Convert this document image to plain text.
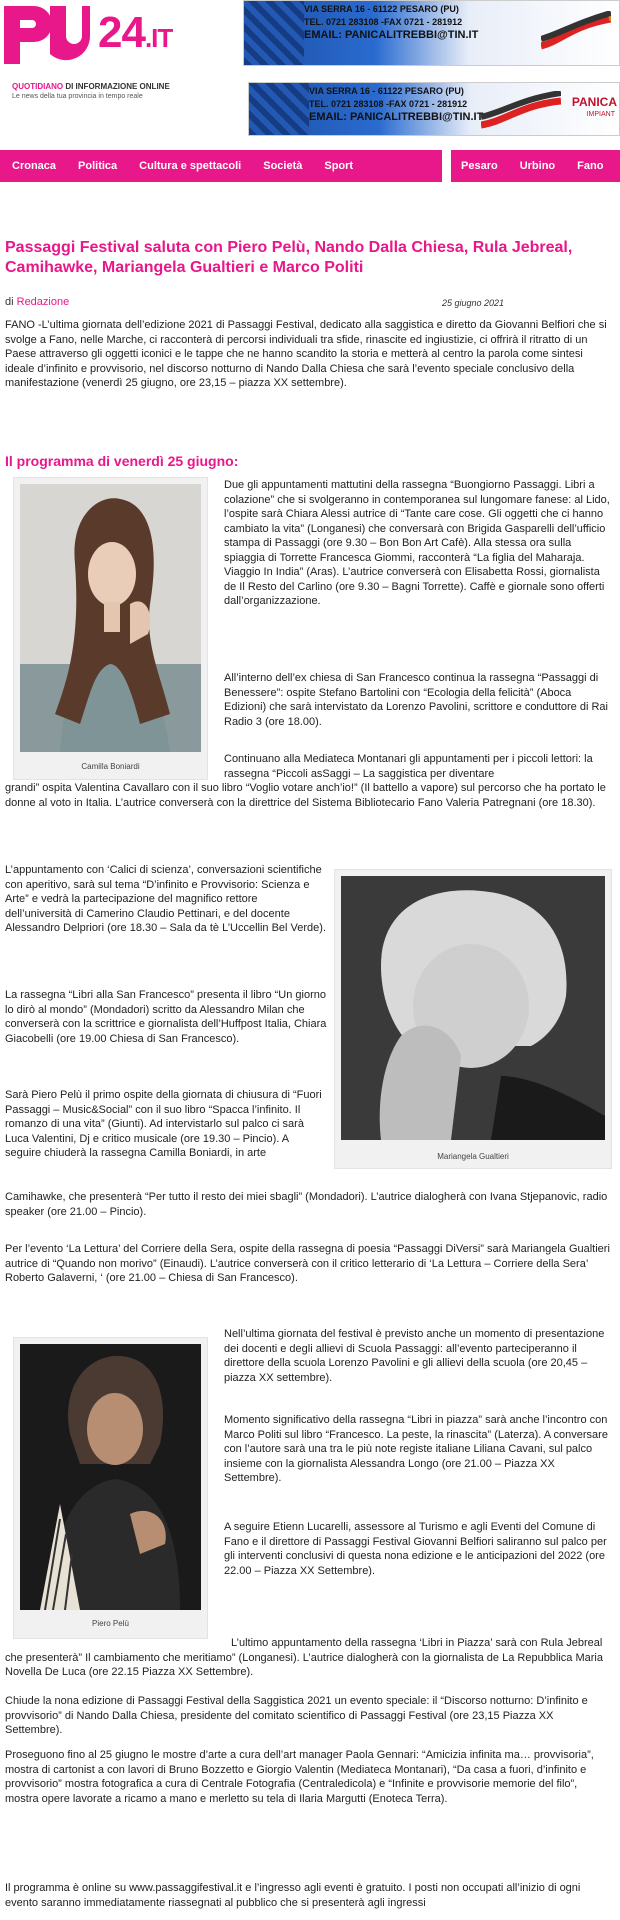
24.IT
QUOTIDIANO DI INFORMAZIONE ONLINE
Le news della tua provincia in tempo reale
VIA SERRA 16 - 61122 PESARO (PU)
TEL. 0721 283108 -FAX 0721 - 281912
EMAIL: PANICALITREBBI@TIN.IT
VIA SERRA 16 - 61122 PESARO (PU)
TEL. 0721 283108 -FAX 0721 - 281912
EMAIL: PANICALITREBBI@TIN.IT
PANICA
IMPIANT
Cronaca Politica Cultura e spettacoli Società Sport	Pesaro Urbino Fano
Passaggi Festival saluta con Piero Pelù, Nando Dalla Chiesa, Rula Jebreal, Camihawke, Mariangela Gualtieri e Marco Politi
di Redazione	25 giugno 2021

FANO -L’ultima giornata dell’edizione 2021 di Passaggi Festival, dedicato alla saggistica e diretto da Giovanni Belfiori che si svolge a Fano, nelle Marche, ci racconterà di percorsi individuali tra sfide, rinascite ed ingiustizie, ci offrirà il ritratto di un Paese attraverso gli oggetti iconici e le tappe che ne hanno scandito la storia e metterà al centro la parola come sintesi ideale d’infinito e provvisorio, nel discorso notturno di Nando Dalla Chiesa che sarà l’evento speciale conclusivo della manifestazione (venerdì 25 giugno, ore 23,15 – piazza XX settembre).

Il programma di venerdì 25 giugno:
Camilla Boniardi

Due gli appuntamenti mattutini della rassegna “Buongiorno Passaggi. Libri a colazione” che si svolgeranno in contemporanea sul lungomare fanese: al Lido, l’ospite sarà Chiara Alessi autrice di “Tante care cose. Gli oggetti che ci hanno cambiato la vita” (Longanesi) che conversarà con Brigida Gasparelli dell’ufficio stampa di Passaggi (ore 9.30 – Bon Bon Art Cafè). Alla stessa ora sulla spiaggia di Torrette Francesca Giommi, racconterà “La figlia del Maharaja. Viaggio In India” (Aras). L’autrice converserà con Elisabetta Rossi, giornalista de Il Resto del Carlino (ore 9.30 – Bagni Torrette). Caffè e giornale sono offerti dall’organizzazione.

All’interno dell’ex chiesa di San Francesco continua la rassegna “Passaggi di Benessere”: ospite Stefano Bartolini con “Ecologia della felicità” (Aboca Edizioni) che sarà intervistato da Lorenzo Pavolini, scrittore e conduttore di Rai Radio 3 (ore 18.00).

Continuano alla Mediateca Montanari gli appuntamenti per i piccoli lettori: la rassegna “Piccoli asSaggi – La saggistica per diventare

grandi” ospita Valentina Cavallaro con il suo libro “Voglio votare anch’io!” (Il battello a vapore) sul percorso che ha portato le donne al voto in Italia. L’autrice converserà con la direttrice del Sistema Bibliotecario Fano Valeria Patregnani (ore 18.30).

Mariangela Gualtieri

L’appuntamento con ‘Calici di scienza’, conversazioni scientifiche con aperitivo, sarà sul tema “D’infinito e Provvisorio: Scienza e Arte” e vedrà la partecipazione del magnifico rettore dell’università di Camerino Claudio Pettinari, e del docente Alessandro Delpriori (ore 18.30 – Sala da tè L’Uccellin Bel Verde).

La rassegna “Libri alla San Francesco” presenta il libro “Un giorno lo dirò al mondo” (Mondadori) scritto da Alessandro Milan che converserà con la scrittrice e giornalista dell’Huffpost Italia, Chiara Giacobelli (ore 19.00 Chiesa di San Francesco).

Sarà Piero Pelù il primo ospite della giornata di chiusura di “Fuori Passaggi – Music&Social” con il suo libro “Spacca l’infinito. Il romanzo di una vita” (Giunti). Ad intervistarlo sul palco ci sarà Luca Valentini, Dj e critico musicale (ore 19.30 – Pincio). A seguire chiuderà la rassegna Camilla Boniardi, in arte

Camihawke, che presenterà “Per tutto il resto dei miei sbagli” (Mondadori). L’autrice dialogherà con Ivana Stjepanovic, radio speaker (ore 21.00 – Pincio).

Per l’evento ‘La Lettura’ del Corriere della Sera, ospite della rassegna di poesia “Passaggi DiVersi” sarà Mariangela Gualtieri autrice di “Quando non morivo” (Einaudi). L’autrice converserà con il critico letterario di ‘La Lettura – Corriere della Sera’ Roberto Galaverni, ‘ (ore 21.00 – Chiesa di San Francesco).

Piero Pelù

Nell’ultima giornata del festival è previsto anche un momento di presentazione dei docenti e degli allievi di Scuola Passaggi: all’evento parteciperanno il direttore della scuola Lorenzo Pavolini e gli allievi della scuola (ore 20,45 – piazza XX settembre).

Momento significativo della rassegna “Libri in piazza” sarà anche l’incontro con Marco Politi sul libro “Francesco. La peste, la rinascita” (Laterza). A conversare con l’autore sarà una tra le più note registe italiane Liliana Cavani, sul palco insieme con la giornalista Alessandra Longo (ore 21.00 – Piazza XX Settembre).

A seguire Etienn Lucarelli, assessore al Turismo e agli Eventi del Comune di Fano e il direttore di Passaggi Festival Giovanni Belfiori saliranno sul palco per gli interventi conclusivi di questa nona edizione e le anticipazioni del 2022 (ore 22.00 – Piazza XX Settembre).

L’ultimo appuntamento della rassegna ‘Libri in Piazza’ sarà con Rula Jebreal che presenterà” Il cambiamento che meritiamo” (Longanesi). L’autrice dialogherà con la giornalista de La Repubblica Maria Novella De Luca (ore 22.15 Piazza XX Settembre).

Chiude la nona edizione di Passaggi Festival della Saggistica 2021 un evento speciale: il “Discorso notturno: D’infinito e provvisorio” di Nando Dalla Chiesa, presidente del comitato scientifico di Passaggi Festival (ore 23,15 Piazza XX Settembre).

Proseguono fino al 25 giugno le mostre d’arte a cura dell’art manager Paola Gennari: “Amicizia infinita ma… provvisoria”, mostra di cartonist a con lavori di Bruno Bozzetto e Giorgio Valentin (Mediateca Montanari), “Da casa a fuori, d’infinito e provvisorio” mostra fotografica a cura di Centrale Fotografia (Centraledicola) e “Infinite e provvisorie memorie del filo”, mostra opere lavorate a ricamo a mano e merletto su tela di Ilaria Margutti (Enoteca Terra).

Il programma è online su www.passaggifestival.it e l’ingresso agli eventi è gratuito. I posti non occupati all’inizio di ogni evento saranno immediatamente riassegnati al pubblico che si presenterà agli ingressi
